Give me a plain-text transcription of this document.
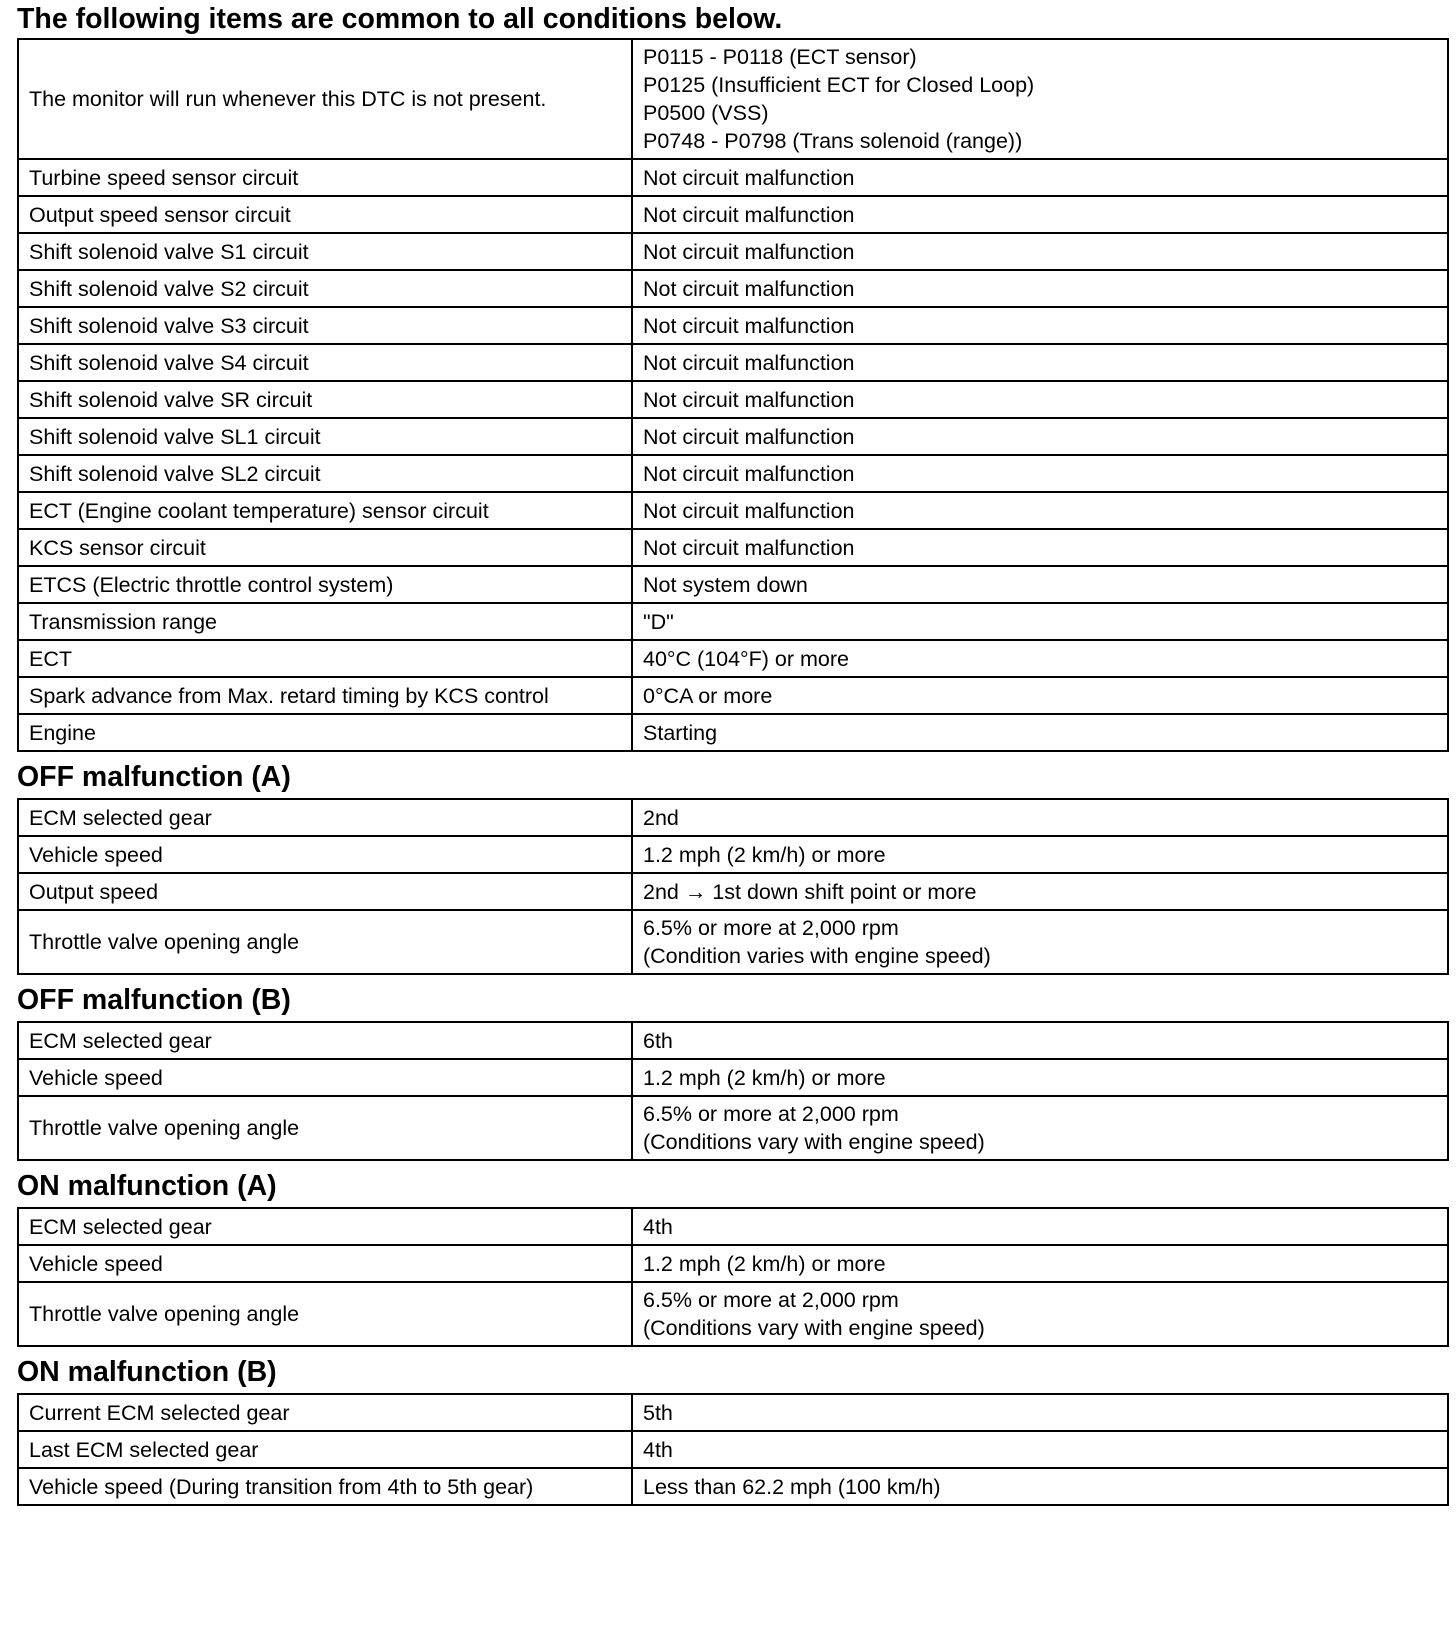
The following items are common to all conditions below.
The monitor will run whenever this DTC is not present.	P0115 - P0118 (ECT sensor)
P0125 (Insufficient ECT for Closed Loop)
P0500 (VSS)
P0748 - P0798 (Trans solenoid (range))

Turbine speed sensor circuit	Not circuit malfunction
Output speed sensor circuit	Not circuit malfunction
Shift solenoid valve S1 circuit	Not circuit malfunction
Shift solenoid valve S2 circuit	Not circuit malfunction
Shift solenoid valve S3 circuit	Not circuit malfunction
Shift solenoid valve S4 circuit	Not circuit malfunction
Shift solenoid valve SR circuit	Not circuit malfunction
Shift solenoid valve SL1 circuit	Not circuit malfunction
Shift solenoid valve SL2 circuit	Not circuit malfunction
ECT (Engine coolant temperature) sensor circuit	Not circuit malfunction
KCS sensor circuit	Not circuit malfunction
ETCS (Electric throttle control system)	Not system down
Transmission range	"D"
ECT	40°C (104°F) or more
Spark advance from Max. retard timing by KCS control	0°CA or more
Engine	Starting
OFF malfunction (A)
ECM selected gear	2nd
Vehicle speed	1.2 mph (2 km/h) or more
Output speed	2nd → 1st down shift point or more
Throttle valve opening angle	6.5% or more at 2,000 rpm
(Condition varies with engine speed)
OFF malfunction (B)
ECM selected gear	6th
Vehicle speed	1.2 mph (2 km/h) or more
Throttle valve opening angle	6.5% or more at 2,000 rpm
(Conditions vary with engine speed)
ON malfunction (A)
ECM selected gear	4th
Vehicle speed	1.2 mph (2 km/h) or more
Throttle valve opening angle	6.5% or more at 2,000 rpm
(Conditions vary with engine speed)
ON malfunction (B)
Current ECM selected gear	5th
Last ECM selected gear	4th
Vehicle speed (During transition from 4th to 5th gear)	Less than 62.2 mph (100 km/h)
